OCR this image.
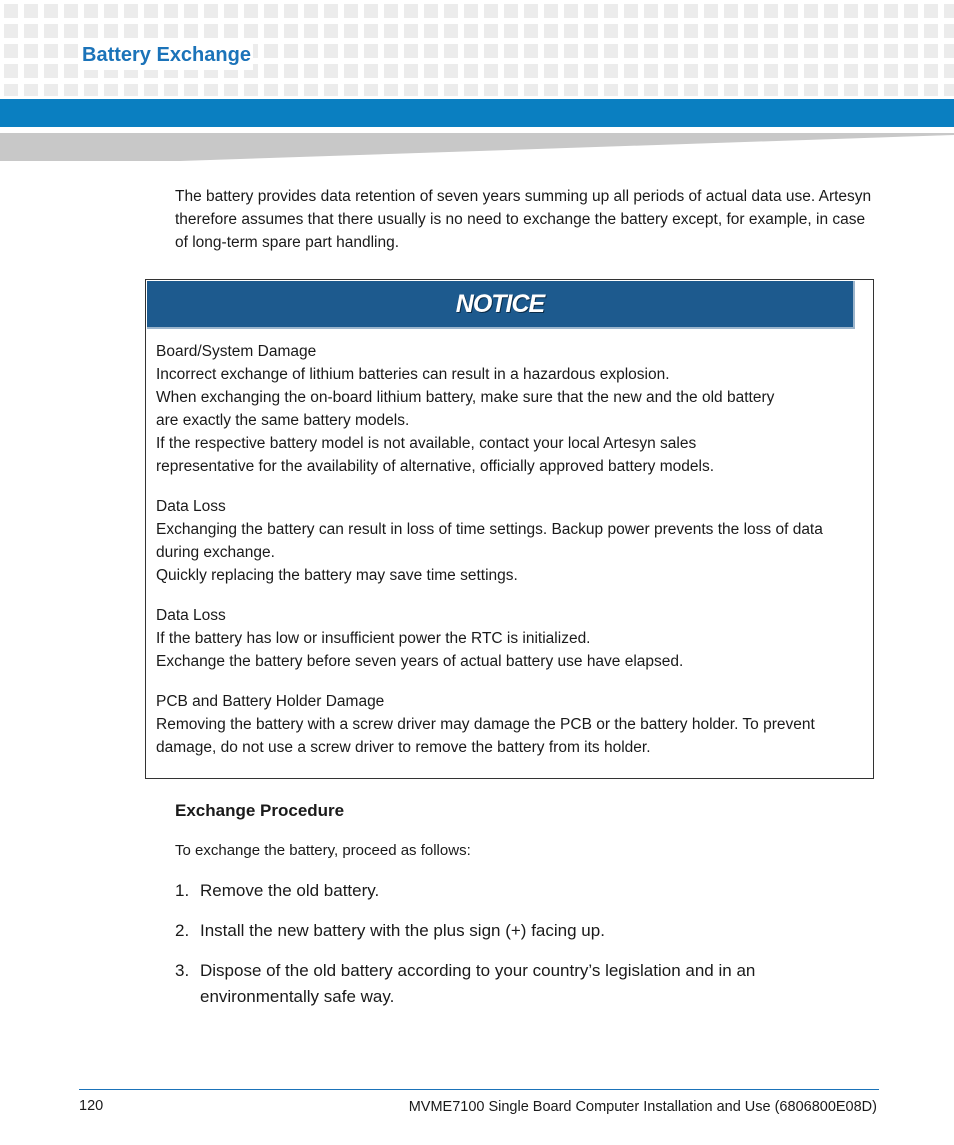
Battery Exchange

The battery provides data retention of seven years summing up all periods of actual data use. Artesyn therefore assumes that there usually is no need to exchange the battery except, for example, in case of long-term spare part handling.

NOTICE
Board/System Damage
Incorrect exchange of lithium batteries can result in a hazardous explosion.
When exchanging the on-board lithium battery, make sure that the new and the old battery are exactly the same battery models.
If the respective battery model is not available, contact your local Artesyn sales representative for the availability of alternative, officially approved battery models.
Data Loss
Exchanging the battery can result in loss of time settings. Backup power prevents the loss of data during exchange.
Quickly replacing the battery may save time settings.
Data Loss
If the battery has low or insufficient power the RTC is initialized.
Exchange the battery before seven years of actual battery use have elapsed.
PCB and Battery Holder Damage
Removing the battery with a screw driver may damage the PCB or the battery holder. To prevent damage, do not use a screw driver to remove the battery from its holder.
Exchange Procedure

To exchange the battery, proceed as follows:

1. Remove the old battery.
2. Install the new battery with the plus sign (+) facing up.
3. Dispose of the old battery according to your country’s legislation and in an environmentally safe way.
120	MVME7100 Single Board Computer Installation and Use (6806800E08D)
